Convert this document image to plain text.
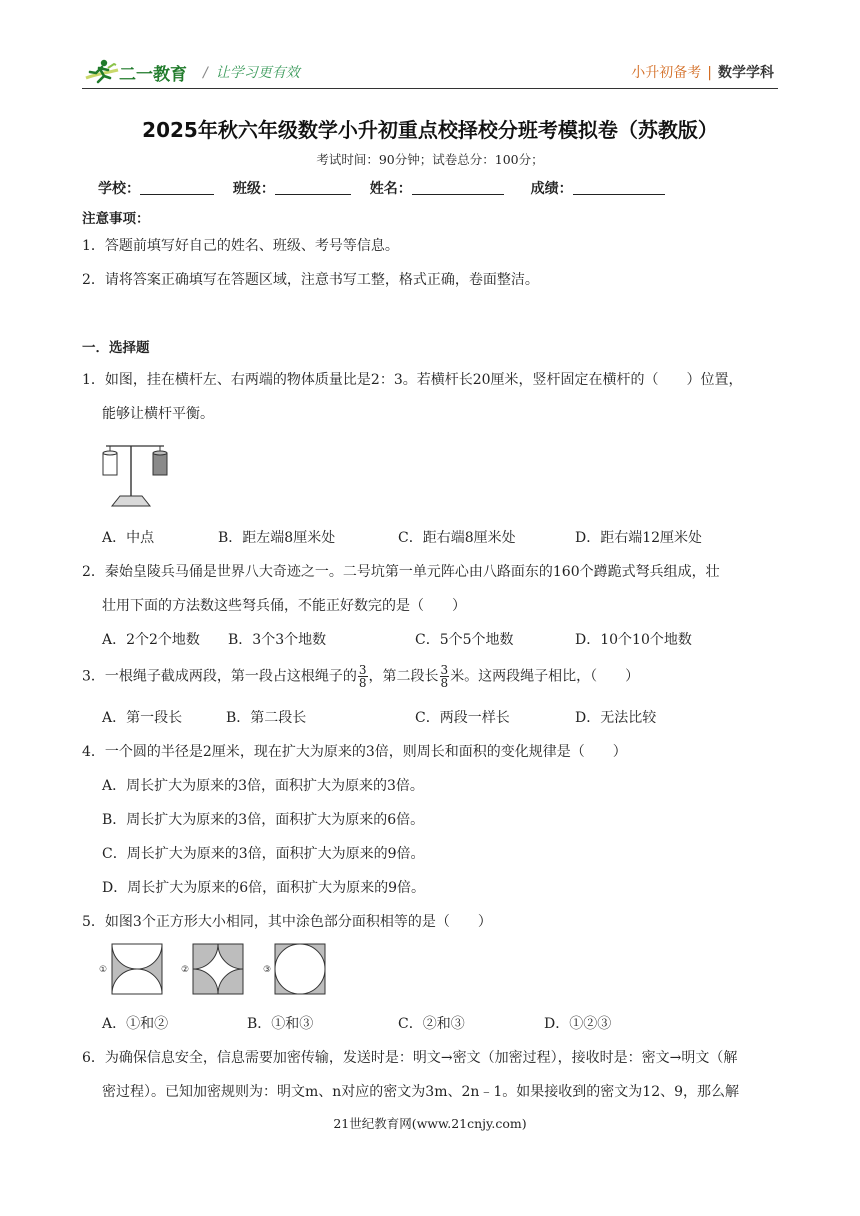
二一教育 / 让学习更有效	小升初备考 | 数学学科
2025年秋六年级数学小升初重点校择校分班考模拟卷（苏教版）
考试时间：90分钟；试卷总分：100分；
学校：	班级：	姓名：	成绩：
注意事项：
1．答题前填写好自己的姓名、班级、考号等信息。
2．请将答案正确填写在答题区域，注意书写工整，格式正确，卷面整洁。
一．选择题
1．如图，挂在横杆左、右两端的物体质量比是2：3。若横杆长20厘米，竖杆固定在横杆的（　　）位置，
能够让横杆平衡。
A．中点	B．距左端8厘米处	C．距右端8厘米处	D．距右端12厘米处
2．秦始皇陵兵马俑是世界八大奇迹之一。二号坑第一单元阵心由八路面东的160个蹲跪式弩兵组成，壮
壮用下面的方法数这些弩兵俑，不能正好数完的是（　　）
A．2个2个地数 B．3个3个地数	C．5个5个地数	D．10个10个地数
3．一根绳子截成两段，第一段占这根绳子的 $\frac{3}{8}$ ，第二段长 $\frac{3}{8}$ 米。这两段绳子相比，（　　）
A．第一段长	B．第二段长	C．两段一样长	D．无法比较
4．一个圆的半径是2厘米，现在扩大为原来的3倍，则周长和面积的变化规律是（　　）
A．周长扩大为原来的3倍，面积扩大为原来的3倍。
B．周长扩大为原来的3倍，面积扩大为原来的6倍。
C．周长扩大为原来的3倍，面积扩大为原来的9倍。
D．周长扩大为原来的6倍，面积扩大为原来的9倍。
5．如图3个正方形大小相同，其中涂色部分面积相等的是（　　）
①	②	③
A．①和②	B．①和③	C．②和③	D．①②③
6．为确保信息安全，信息需要加密传输，发送时是：明文→密文（加密过程），接收时是：密文→明文（解
密过程）。已知加密规则为：明文m、n对应的密文为3m、2n﹣1。如果接收到的密文为12、9，那么解
21世纪教育网(www.21cnjy.com)
